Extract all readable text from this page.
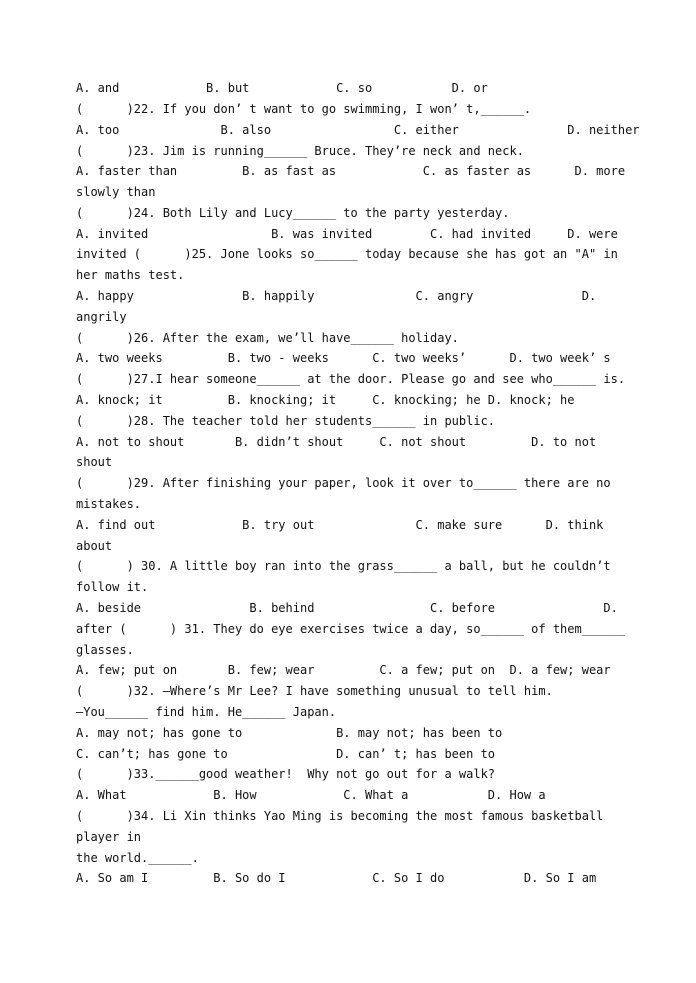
A. and            B. but            C. so           D. or
(      )22. If you don’ t want to go swimming, I won’ t,______.
A. too              B. also                 C. either               D. neither
(      )23. Jim is running______ Bruce. They’re neck and neck.
A. faster than         B. as fast as            C. as faster as      D. more
slowly than
(      )24. Both Lily and Lucy______ to the party yesterday.
A. invited                 B. was invited        C. had invited     D. were
invited (      )25. Jone looks so______ today because she has got an "A" in
her maths test.
A. happy               B. happily              C. angry               D.
angrily
(      )26. After the exam, we’ll have______ holiday.
A. two weeks         B. two - weeks      C. two weeks’      D. two week’ s
(      )27.I hear someone______ at the door. Please go and see who______ is.
A. knock; it         B. knocking; it     C. knocking; he D. knock; he
(      )28. The teacher told her students______ in public.
A. not to shout       B. didn’t shout     C. not shout         D. to not
shout
(      )29. After finishing your paper, look it over to______ there are no
mistakes.
A. find out            B. try out              C. make sure      D. think
about
(      ) 30. A little boy ran into the grass______ a ball, but he couldn’t
follow it.
A. beside               B. behind                C. before               D.
after (      ) 31. They do eye exercises twice a day, so______ of them______
glasses.
A. few; put on       B. few; wear         C. a few; put on  D. a few; wear
(      )32. —Where’s Mr Lee? I have something unusual to tell him.
—You______ find him. He______ Japan.
A. may not; has gone to             B. may not; has been to
C. can’t; has gone to               D. can’ t; has been to
(      )33.______good weather!  Why not go out for a walk?
A. What            B. How            C. What a           D. How a
(      )34. Li Xin thinks Yao Ming is becoming the most famous basketball
player in
the world.______.
A. So am I         B. So do I            C. So I do           D. So I am
